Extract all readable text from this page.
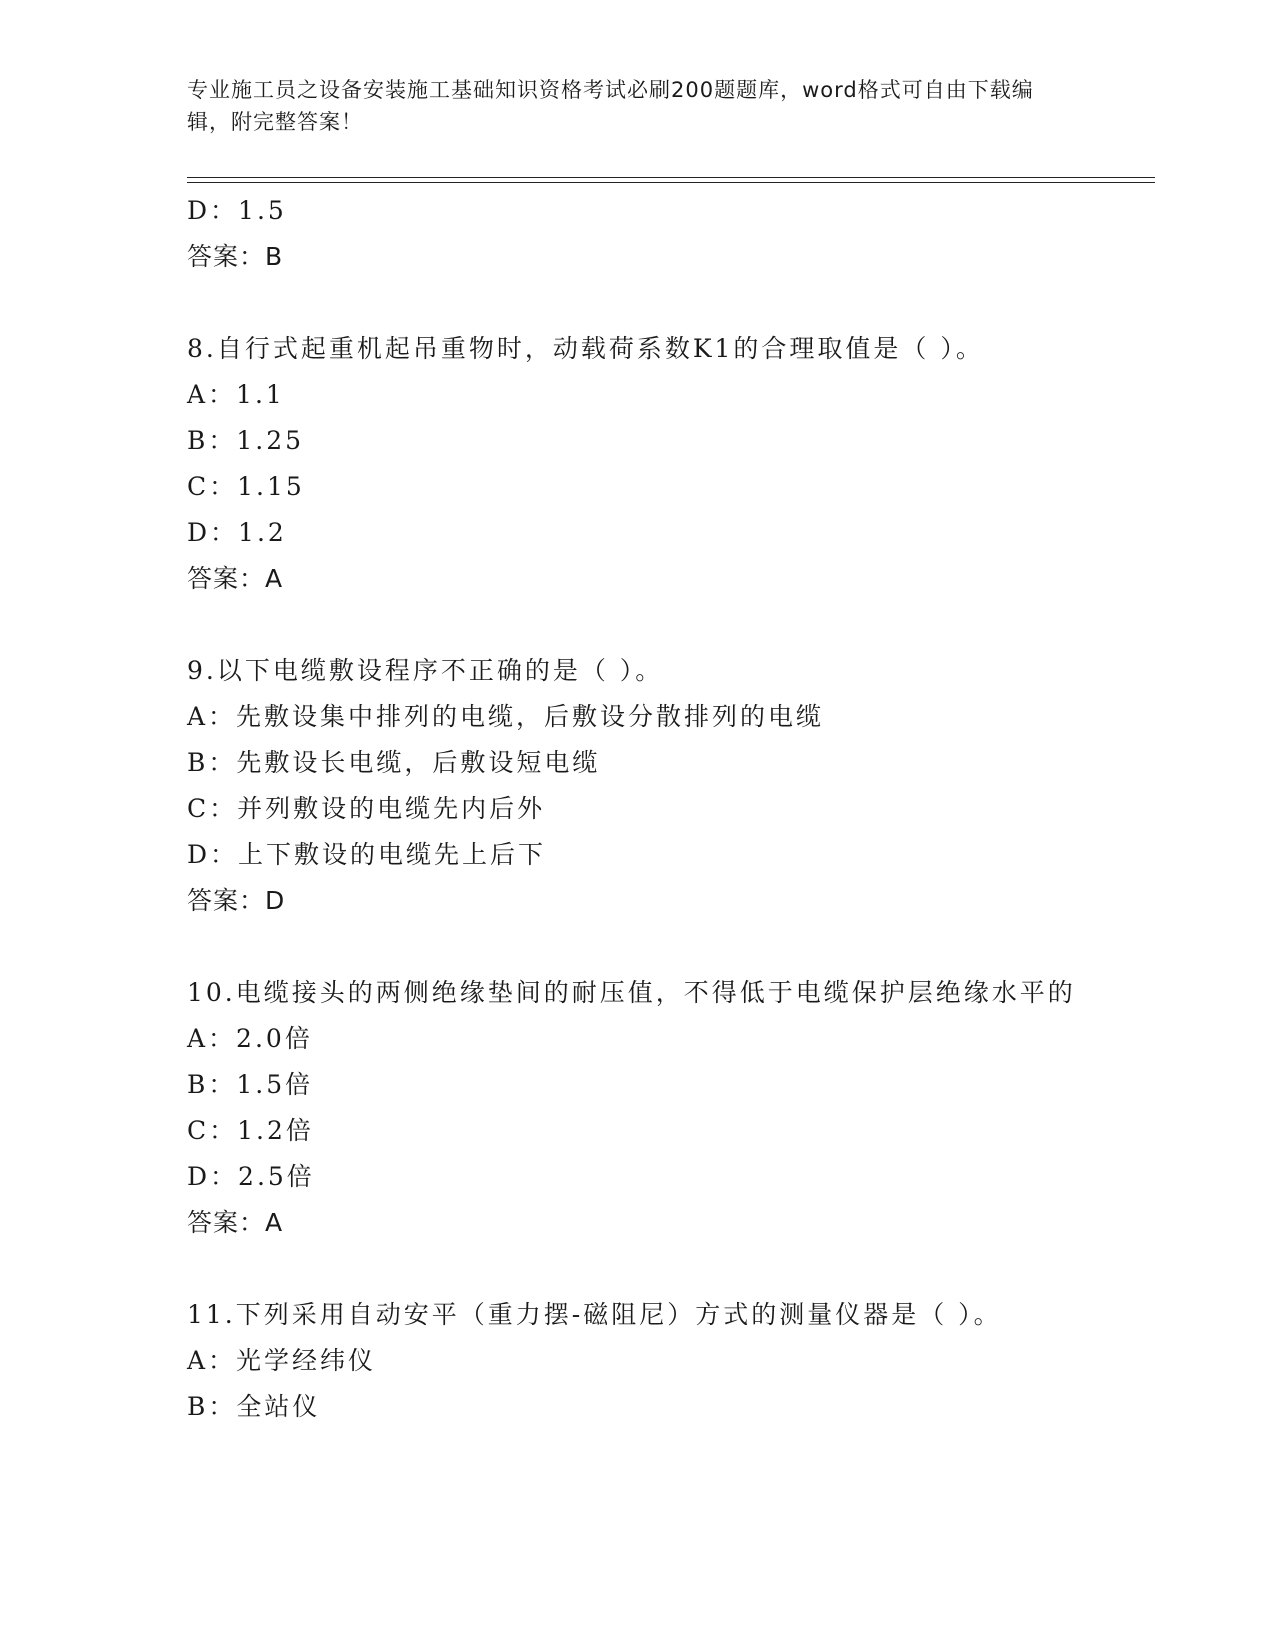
专业施工员之设备安装施工基础知识资格考试必刷200题题库，word格式可自由下载编辑，附完整答案！
D：1.5
答案：B
8.自行式起重机起吊重物时，动载荷系数K1的合理取值是（ ）。
A：1.1
B：1.25
C：1.15
D：1.2
答案：A
9.以下电缆敷设程序不正确的是（ ）。
A：先敷设集中排列的电缆，后敷设分散排列的电缆
B：先敷设长电缆，后敷设短电缆
C：并列敷设的电缆先内后外
D：上下敷设的电缆先上后下
答案：D
10.电缆接头的两侧绝缘垫间的耐压值，不得低于电缆保护层绝缘水平的
A：2.0倍
B：1.5倍
C：1.2倍
D：2.5倍
答案：A
11.下列采用自动安平（重力摆-磁阻尼）方式的测量仪器是（ ）。
A：光学经纬仪
B：全站仪
